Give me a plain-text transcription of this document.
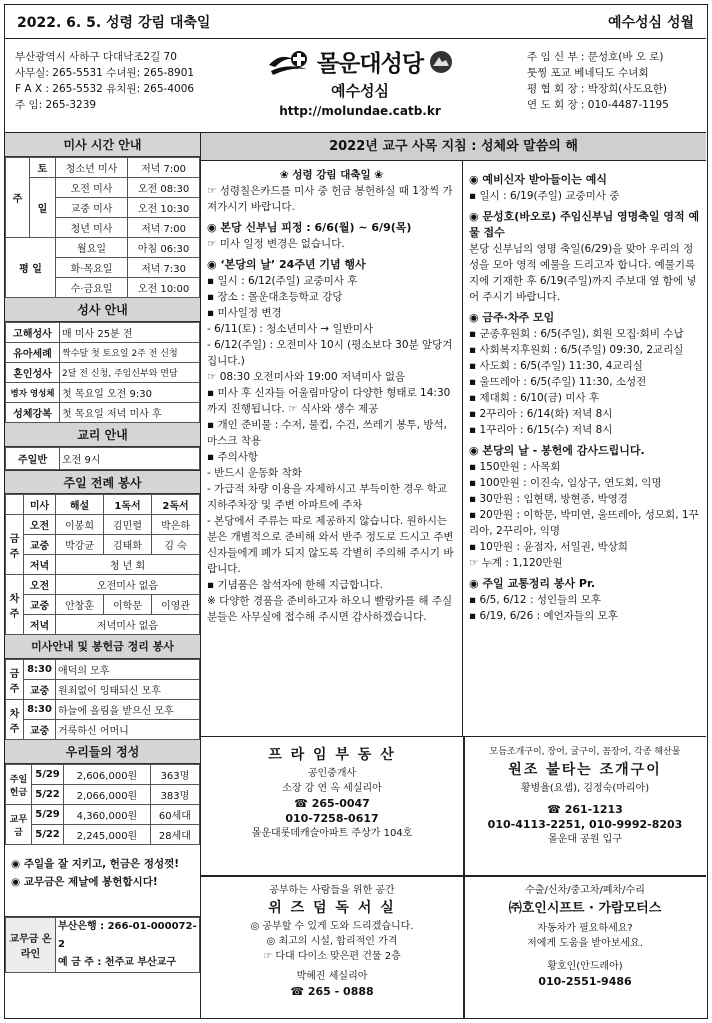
2022. 6. 5. 성령 강림 대축일	예수성심 성월
부산광역시 사하구 다대낙조2길 70
사무실: 265-5531 수녀원: 265-8901
F A X : 265-5532 유치원: 265-4006
주 임: 265-3239
몰운대성당
예수성심
http://molundae.catb.kr
주 임 신 부 : 문성호(바 오 로)
툿찡 포교 베네딕도 수녀회
평 협 회 장 : 박장희(사도요한)
연 도 회 장 : 010-4487-1195
미사 시간 안내
주	토	청소년 미사	저녁 7:00
	일	오전 미사	오전 08:30
		교중 미사	오전 10:30
		청년 미사	저녁 7:00
평 일		월요일	아침 06:30
		화·목요일	저녁 7:30
		수·금요일	오전 10:00
성사 안내
고해성사	매 미사 25분 전
유아세례	짝수달 첫 토요일 2주 전 신청
혼인성사	2달 전 신청, 주임신부와 면담
병자 영성체	첫 목요일 오전 9:30
성체강복	첫 목요일 저녁 미사 후
교리 안내
주일반	오전 9시
주일 전례 봉사
	미사	해설	1독서	2독서
금주	오전	이봉희	김민렬	박은하
	교중	박강균	김태화	김 숙
	저녁	청 년 회		
차주	오전	오전미사 없음		
	교중	안창훈	이학문	이영관
	저녁	저녁미사 없음		
미사안내 및 봉헌금 정리 봉사
금주	8:30	애덕의 모후
	교중	원죄없이 잉태되신 모후
차주	8:30	하늘에 올림을 받으신 모후
	교중	거룩하신 어머니
우리들의 정성
주일 헌금	5/29	2,606,000원	363명
	5/22	2,066,000원	383명
교무금	5/29	4,360,000원	60세대
	5/22	2,245,000원	28세대
◉ 주일을 잘 지키고, 헌금은 정성껏!
◉ 교무금은 제날에 봉헌합시다!
교무금 온라인	
부산은행 : 266-01-000072-2
예 금 주 : 천주교 부산교구
2022년 교구 사목 지침 : 성체와 말씀의 해
❀ 성령 강림 대축일 ❀
☞ 성령칠은카드를 미사 중 헌금 봉헌하실 때 1장씩 가져가시기 바랍니다.
◉ 본당 신부님 피정 : 6/6(월) ~ 6/9(목)
☞ 미사 일정 변경은 없습니다.
◉ ‘본당의 날’ 24주년 기념 행사
▪ 일시 : 6/12(주일) 교중미사 후
▪ 장소 : 몰운대초등학교 강당
▪ 미사일정 변경
- 6/11(토) : 청소년미사 → 일반미사
- 6/12(주일) : 오전미사 10시 (평소보다 30분 앞당겨집니다.)
☞ 08:30 오전미사와 19:00 저녁미사 없음
▪ 미사 후 신자들 어울림마당이 다양한 형태로 14:30까지 진행됩니다. ☞ 식사와 생수 제공
▪ 개인 준비물 : 수저, 물컵, 수건, 쓰레기 봉투, 방석, 마스크 착용
▪ 주의사항
- 반드시 운동화 착화
- 가급적 차량 이용을 자제하시고 부득이한 경우 학교 지하주차장 및 주변 아파트에 주차
- 본당에서 주류는 따로 제공하지 않습니다. 원하시는 분은 개별적으로 준비해 와서 반주 정도로 드시고 주변 신자들에게 폐가 되지 않도록 각별히 주의해 주시기 바랍니다.
▪ 기념품은 참석자에 한해 지급합니다.
※ 다양한 경품을 준비하고자 하오니 빨랑카를 해 주실 분들은 사무실에 접수해 주시면 감사하겠습니다.
◉ 예비신자 받아들이는 예식
▪ 일시 : 6/19(주일) 교중미사 중
◉ 문성호(바오로) 주임신부님 영명축일 영적 예물 접수
본당 신부님의 영명 축일(6/29)을 맞아 우리의 정성을 모아 영적 예물을 드리고자 합니다. 예물기록지에 기재한 후 6/19(주일)까지 주보대 옆 함에 넣어 주시기 바랍니다.
◉ 금주·차주 모임
▪ 군종후원회 : 6/5(주일), 회원 모집·회비 수납
▪ 사회복지후원회 : 6/5(주일) 09:30, 2교리실
▪ 사도회 : 6/5(주일) 11:30, 4교리실
▪ 울뜨레아 : 6/5(주일) 11:30, 소성전
▪ 제대회 : 6/10(금) 미사 후
▪ 2꾸리아 : 6/14(화) 저녁 8시
▪ 1꾸리아 : 6/15(수) 저녁 8시
◉ 본당의 날 - 봉헌에 감사드립니다.
▪ 150만원 : 사목회
▪ 100만원 : 이진숙, 임상구, 연도회, 익명
▪ 30만원 : 임현택, 방현종, 박영경
▪ 20만원 : 이학문, 박미연, 울뜨레아, 성모회, 1꾸리아, 2꾸리아, 익명
▪ 10만원 : 윤점자, 서일권, 박상희
☞ 누계 : 1,120만원
◉ 주일 교통정리 봉사 Pr.
▪ 6/5, 6/12 : 성인들의 모후
▪ 6/19, 6/26 : 예언자들의 모후
프 라 임 부 동 산
공인중개사
소장 강 연 옥 세실리아
☎ 265-0047
010-7258-0617
몰운대롯데캐슬아파트 주상가 104호
모듬조개구이, 장어, 굴구이, 꼼장어, 각종 해산물
원조 불타는 조개구이
황병율(요셉), 김정숙(마리아)
☎ 261-1213
010-4113-2251, 010-9992-8203
몰운대 공원 입구
공부하는 사람들을 위한 공간
위 즈 덤 독 서 실
◎ 공부할 수 있게 도와 드리겠습니다.
◎ 최고의 시설, 합리적인 가격
☞ 다대 다이소 맞은편 건물 2층
박혜진 세실리아
☎ 265 - 0888
수출/신차/중고차/폐차/수리
㈜호인시프트 · 가람모터스
자동차가 필요하세요?
저에게 도움을 받아보세요.
황호인(안드레아)
010-2551-9486
